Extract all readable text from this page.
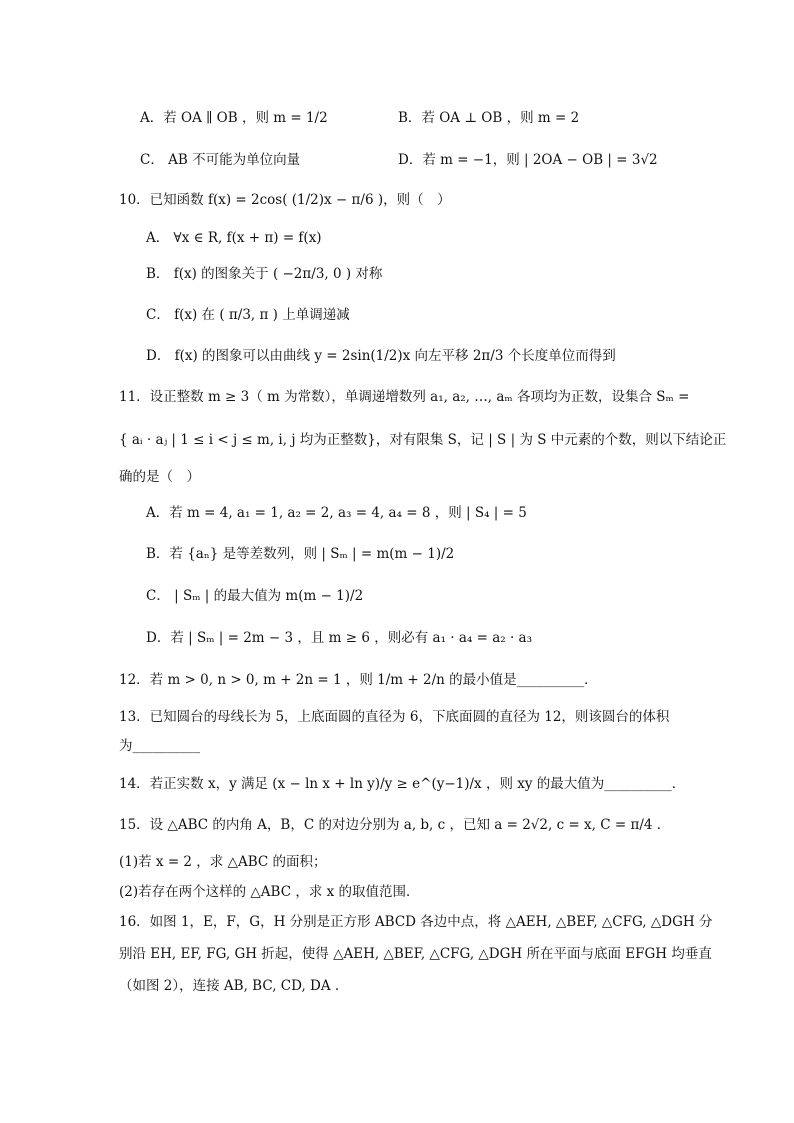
A．若 OA ∥ OB ，则 m = 1/2	B．若 OA ⊥ OB ，则 m = 2
C． AB 不可能为单位向量	D．若 m = −1，则 | 2OA − OB | = 3√2
10．已知函数 f(x) = 2cos( (1/2)x − π/6 )，则（　）
A． ∀x ∈ R, f(x + π) = f(x)
B． f(x) 的图象关于 ( −2π/3, 0 ) 对称
C． f(x) 在 ( π/3, π ) 上单调递减
D． f(x) 的图象可以由曲线 y = 2sin(1/2)x 向左平移 2π/3 个长度单位而得到
11．设正整数 m ≥ 3（ m 为常数），单调递增数列 a₁, a₂, …, aₘ 各项均为正数，设集合 Sₘ =
{ aᵢ · aⱼ | 1 ≤ i < j ≤ m, i, j 均为正整数}，对有限集 S，记 | S | 为 S 中元素的个数，则以下结论正
确的是（　）
A．若 m = 4, a₁ = 1, a₂ = 2, a₃ = 4, a₄ = 8 ，则 | S₄ | = 5
B．若 {aₙ} 是等差数列，则 | Sₘ | = m(m − 1)/2
C． | Sₘ | 的最大值为 m(m − 1)/2
D．若 | Sₘ | = 2m − 3 ，且 m ≥ 6 ，则必有 a₁ · a₄ = a₂ · a₃
12．若 m > 0, n > 0, m + 2n = 1 ，则 1/m + 2/n 的最小值是__________．
13．已知圆台的母线长为 5，上底面圆的直径为 6，下底面圆的直径为 12，则该圆台的体积
为__________
14．若正实数 x，y 满足 (x − ln x + ln y)/y ≥ e^(y−1)/x ，则 xy 的最大值为__________．
15．设 △ABC 的内角 A，B，C 的对边分别为 a, b, c ，已知 a = 2√2, c = x, C = π/4 ．
(1)若 x = 2 ，求 △ABC 的面积；
(2)若存在两个这样的 △ABC ，求 x 的取值范围．
16．如图 1，E，F，G，H 分别是正方形 ABCD 各边中点，将 △AEH, △BEF, △CFG, △DGH 分
别沿 EH, EF, FG, GH 折起，使得 △AEH, △BEF, △CFG, △DGH 所在平面与底面 EFGH 均垂直
（如图 2），连接 AB, BC, CD, DA ．
